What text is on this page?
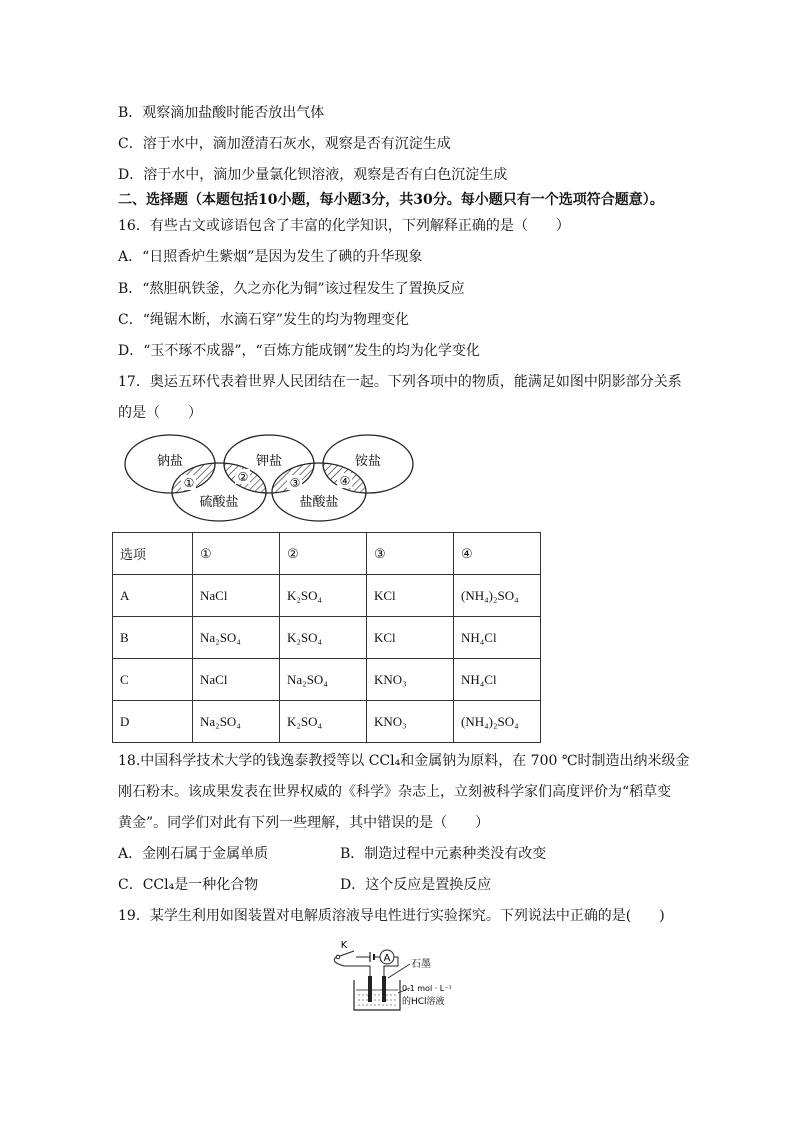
B．观察滴加盐酸时能否放出气体
C．溶于水中，滴加澄清石灰水，观察是否有沉淀生成
D．溶于水中，滴加少量氯化钡溶液，观察是否有白色沉淀生成
二、选择题（本题包括10小题，每小题3分，共30分。每小题只有一个选项符合题意）。
16．有些古文或谚语包含了丰富的化学知识，下列解释正确的是（　　）
A．“日照香炉生紫烟”是因为发生了碘的升华现象
B．“熬胆矾铁釜，久之亦化为铜”该过程发生了置换反应
C．“绳锯木断，水滴石穿”发生的均为物理变化
D．“玉不琢不成器”，“百炼方能成钢”发生的均为化学变化
17．奥运五环代表着世界人民团结在一起。下列各项中的物质，能满足如图中阴影部分关系
的是（　　）
钠盐	钾盐	铵盐
硫酸盐	盐酸盐
①	②	③	④
选项	①	②	③	④
A	NaCl	K₂SO₄	KCl	(NH₄)₂SO₄
B	Na₂SO₄	K₂SO₄	KCl	NH₄Cl
C	NaCl	Na₂SO₄	KNO₃	NH₄Cl
D	Na₂SO₄	K₂SO₄	KNO₃	(NH₄)₂SO₄
18.中国科学技术大学的钱逸泰教授等以 CCl₄和金属钠为原料，在 700 ℃时制造出纳米级金
刚石粉末。该成果发表在世界权威的《科学》杂志上，立刻被科学家们高度评价为“稻草变
黄金”。同学们对此有下列一些理解，其中错误的是（　　）
A．金刚石属于金属单质	B．制造过程中元素种类没有改变
C．CCl₄是一种化合物	D．这个反应是置换反应
19．某学生利用如图装置对电解质溶液导电性进行实验探究。下列说法中正确的是(　　)
K
A
石墨
0.1 mol · L⁻¹
的HCl溶液
